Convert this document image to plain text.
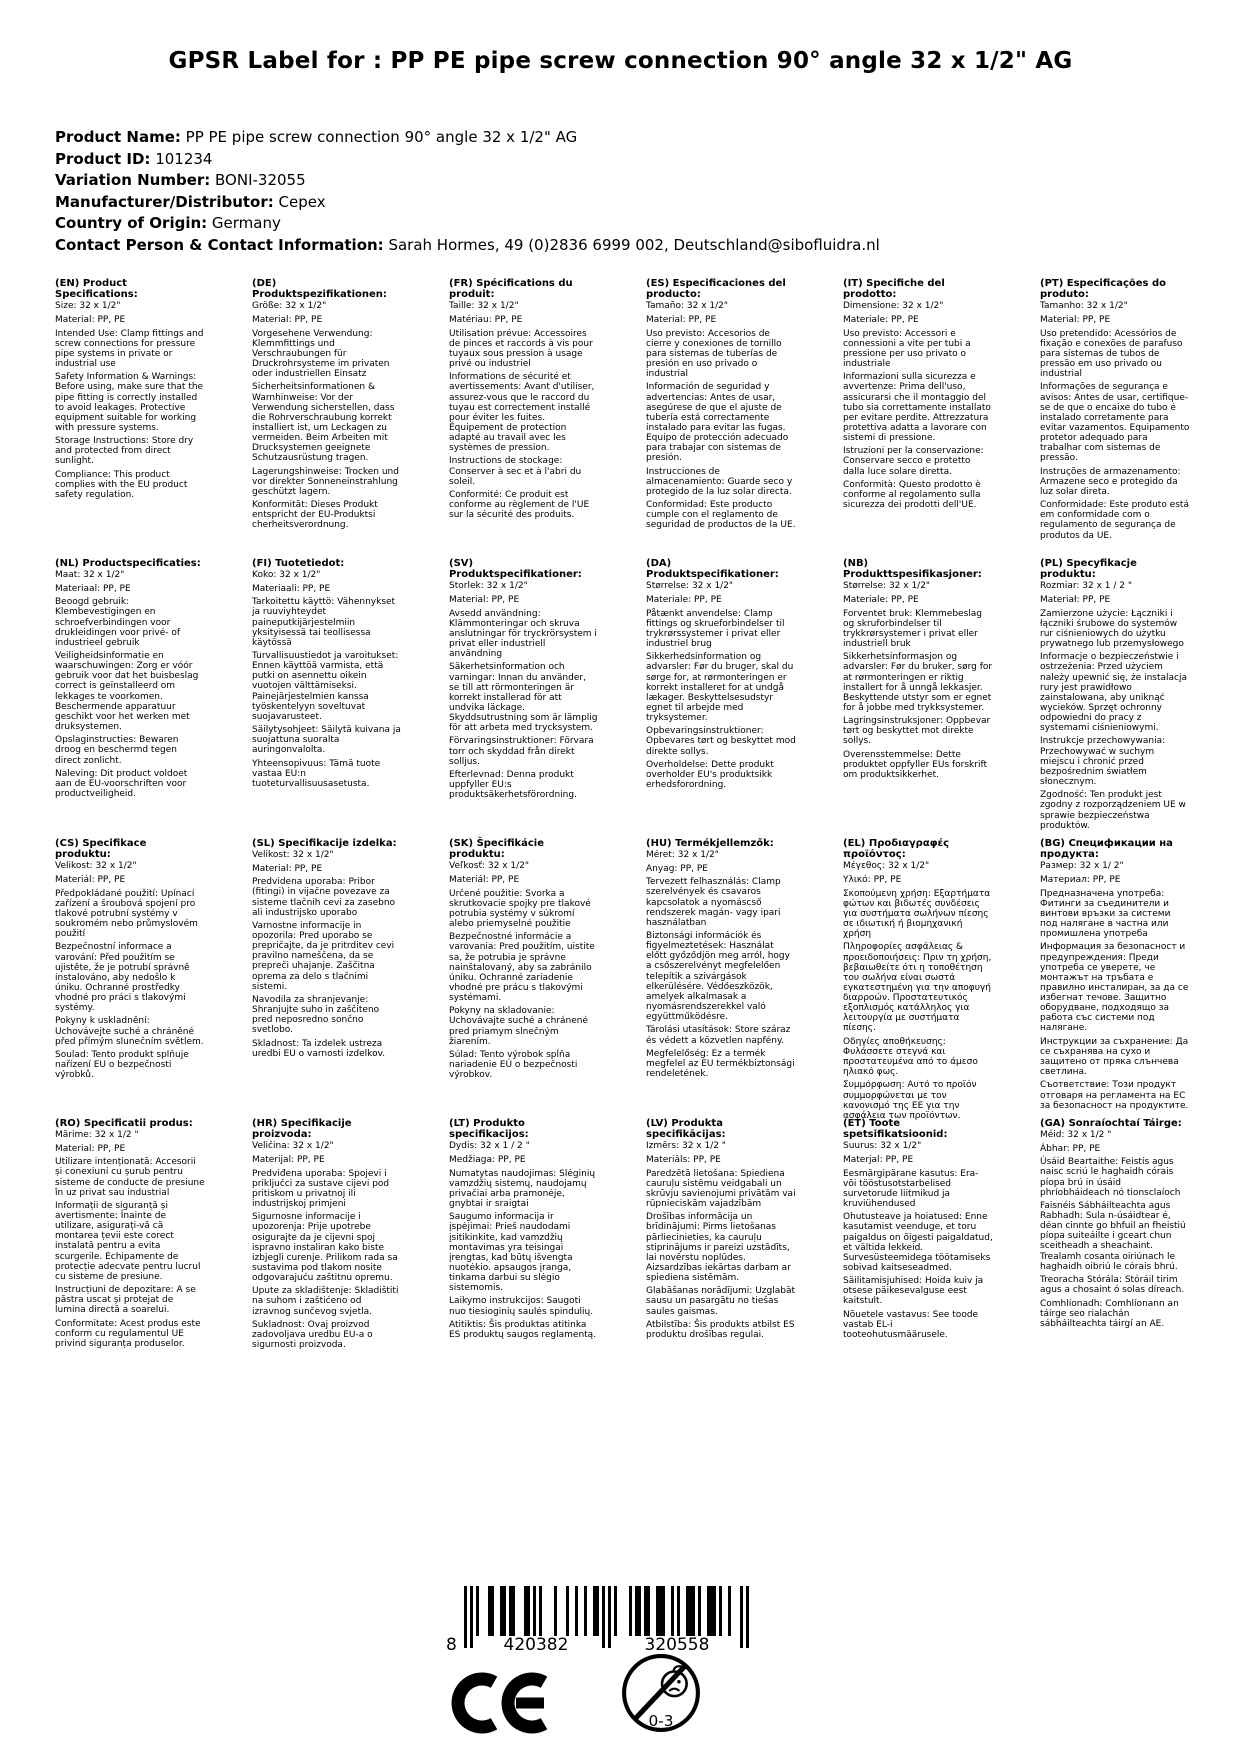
GPSR Label for : PP PE pipe screw connection 90° angle 32 x 1/2" AG
Product Name: PP PE pipe screw connection 90° angle 32 x 1/2" AG
Product ID: 101234
Variation Number: BONI-32055
Manufacturer/Distributor: Cepex
Country of Origin: Germany
Contact Person & Contact Information: Sarah Hormes, 49 (0)2836 6999 002, Deutschland@sibofluidra.nl
(EN) Product Specifications:

Size: 32 x 1/2"

Material: PP, PE

Intended Use: Clamp fittings and screw connections for pressure pipe systems in private or industrial use

Safety Information & Warnings: Before using, make sure that the pipe fitting is correctly installed to avoid leakages. Protective equipment suitable for working with pressure systems.

Storage Instructions: Store dry and protected from direct sunlight.

Compliance: This product complies with the EU product safety regulation.

(DE) Produktspezifikationen:

Größe: 32 x 1/2"

Material: PP, PE

Vorgesehene Verwendung: Klemmfittings und Verschraubungen für Druckrohrsysteme im privaten oder industriellen Einsatz

Sicherheitsinformationen & Warnhinweise: Vor der Verwendung sicherstellen, dass die Rohrverschraubung korrekt installiert ist, um Leckagen zu vermeiden. Beim Arbeiten mit Drucksystemen geeignete Schutzausrüstung tragen.

Lagerungshinweise: Trocken und vor direkter Sonneneinstrahlung geschützt lagern.

Konformität: Dieses Produkt entspricht der EU-Produktsi cherheitsverordnung.

(FR) Spécifications du produit:

Taille: 32 x 1/2"

Matériau: PP, PE

Utilisation prévue: Accessoires de pinces et raccords à vis pour tuyaux sous pression à usage privé ou industriel

Informations de sécurité et avertissements: Avant d'utiliser, assurez-vous que le raccord du tuyau est correctement installé pour éviter les fuites. Équipement de protection adapté au travail avec les systèmes de pression.

Instructions de stockage: Conserver à sec et à l'abri du soleil.

Conformité: Ce produit est conforme au règlement de l'UE sur la sécurité des produits.

(ES) Especificaciones del producto:

Tamaño: 32 x 1/2"

Material: PP, PE

Uso previsto: Accesorios de cierre y conexiones de tornillo para sistemas de tuberías de presión en uso privado o industrial

Información de seguridad y advertencias: Antes de usar, asegúrese de que el ajuste de tubería está correctamente instalado para evitar las fugas. Equipo de protección adecuado para trabajar con sistemas de presión.

Instrucciones de almacenamiento: Guarde seco y protegido de la luz solar directa.

Conformidad: Este producto cumple con el reglamento de seguridad de productos de la UE.

(IT) Specifiche del prodotto:

Dimensione: 32 x 1/2"

Materiale: PP, PE

Uso previsto: Accessori e connessioni a vite per tubi a pressione per uso privato o industriale

Informazioni sulla sicurezza e avvertenze: Prima dell'uso, assicurarsi che il montaggio del tubo sia correttamente installato per evitare perdite. Attrezzatura protettiva adatta a lavorare con sistemi di pressione.

Istruzioni per la conservazione: Conservare secco e protetto dalla luce solare diretta.

Conformità: Questo prodotto è conforme al regolamento sulla sicurezza dei prodotti dell'UE.

(PT) Especificações do produto:

Tamanho: 32 x 1/2"

Material: PP, PE

Uso pretendido: Acessórios de fixação e conexões de parafuso para sistemas de tubos de pressão em uso privado ou industrial

Informações de segurança e avisos: Antes de usar, certifique-se de que o encaixe do tubo é instalado corretamente para evitar vazamentos. Equipamento protetor adequado para trabalhar com sistemas de pressão.

Instruções de armazenamento: Armazene seco e protegido da luz solar direta.

Conformidade: Este produto está em conformidade com o regulamento de segurança de produtos da UE.

(NL) Productspecificaties:

Maat: 32 x 1/2"

Materiaal: PP, PE

Beoogd gebruik: Klembevestigingen en schroefverbindingen voor drukleidingen voor privé- of industrieel gebruik

Veiligheidsinformatie en waarschuwingen: Zorg er vóór gebruik voor dat het buisbeslag correct is geïnstalleerd om lekkages te voorkomen. Beschermende apparatuur geschikt voor het werken met druksystemen.

Opslaginstructies: Bewaren droog en beschermd tegen direct zonlicht.

Naleving: Dit product voldoet aan de EU-voorschriften voor productveiligheid.

(FI) Tuotetiedot:

Koko: 32 x 1/2"

Materiaali: PP, PE

Tarkoitettu käyttö: Vähennykset ja ruuviyhteydet paineputkijärjestelmiin yksityisessä tai teollisessa käytössä

Turvallisuustiedot ja varoitukset: Ennen käyttöä varmista, että putki on asennettu oikein vuotojen välttämiseksi. Painejärjestelmien kanssa työskentelyyn soveltuvat suojavarusteet.

Säilytysohjeet: Säilytä kuivana ja suojattuna suoralta auringonvalolta.

Yhteensopivuus: Tämä tuote vastaa EU:n tuoteturvallisuusasetusta.

(SV) Produktspecifikationer:

Storlek: 32 x 1/2"

Material: PP, PE

Avsedd användning: Klämmonteringar och skruva anslutningar för tryckrörsystem i privat eller industriell användning

Säkerhetsinformation och varningar: Innan du använder, se till att rörmonteringen är korrekt installerad för att undvika läckage. Skyddsutrustning som är lämplig för att arbeta med trycksystem.

Förvaringsinstruktioner: Förvara torr och skyddad från direkt solljus.

Efterlevnad: Denna produkt uppfyller EU:s produktsäkerhetsförordning.

(DA) Produktspecifikationer:

Størrelse: 32 x 1/2"

Materiale: PP, PE

Påtænkt anvendelse: Clamp fittings og skrueforbindelser til trykrørssystemer i privat eller industriel brug

Sikkerhedsinformation og advarsler: Før du bruger, skal du sørge for, at rørmonteringen er korrekt installeret for at undgå lækager. Beskyttelsesudstyr egnet til arbejde med tryksystemer.

Opbevaringsinstruktioner: Opbevares tørt og beskyttet mod direkte sollys.

Overholdelse: Dette produkt overholder EU's produktsikk erhedsforordning.

(NB) Produkttspesifikasjoner:

Størrelse: 32 x 1/2"

Materiale: PP, PE

Forventet bruk: Klemmebeslag og skruforbindelser til trykkrørsystemer i privat eller industriell bruk

Sikkerhetsinformasjon og advarsler: Før du bruker, sørg for at rørmonteringen er riktig installert for å unngå lekkasjer. Beskyttende utstyr som er egnet for å jobbe med trykksystemer.

Lagringsinstruksjoner: Oppbevar tørt og beskyttet mot direkte sollys.

Overensstemmelse: Dette produktet oppfyller EUs forskrift om produktsikkerhet.

(PL) Specyfikacje produktu:

Rozmiar: 32 x 1 / 2 "

Materiał: PP, PE

Zamierzone użycie: Łączniki i łączniki śrubowe do systemów rur ciśnieniowych do użytku prywatnego lub przemysłowego

Informacje o bezpieczeństwie i ostrzeżenia: Przed użyciem należy upewnić się, że instalacja rury jest prawidłowo zainstalowana, aby uniknąć wycieków. Sprzęt ochronny odpowiedni do pracy z systemami ciśnieniowymi.

Instrukcje przechowywania: Przechowywać w suchym miejscu i chronić przed bezpośrednim światłem słonecznym.

Zgodność: Ten produkt jest zgodny z rozporządzeniem UE w sprawie bezpieczeństwa produktów.

(CS) Specifikace produktu:

Velikost: 32 x 1/2"

Materiál: PP, PE

Předpokládané použití: Upínací zařízení a šroubová spojení pro tlakové potrubní systémy v soukromém nebo průmyslovém použití

Bezpečnostní informace a varování: Před použitím se ujistěte, že je potrubí správně instalováno, aby nedošlo k úniku. Ochranné prostředky vhodné pro práci s tlakovými systémy.

Pokyny k uskladnění: Uchovávejte suché a chráněné před přímým slunečním světlem.

Soulad: Tento produkt splňuje nařízení EU o bezpečnosti výrobků.

(SL) Specifikacije izdelka:

Velikost: 32 x 1/2"

Material: PP, PE

Predvidena uporaba: Pribor (fitingi) in vijačne povezave za sisteme tlačnih cevi za zasebno ali industrijsko uporabo

Varnostne informacije in opozorila: Pred uporabo se prepričajte, da je pritrditev cevi pravilno nameščena, da se prepreči uhajanje. Zaščitna oprema za delo s tlačnimi sistemi.

Navodila za shranjevanje: Shranjujte suho in zaščiteno pred neposredno sončno svetlobo.

Skladnost: Ta izdelek ustreza uredbi EU o varnosti izdelkov.

(SK) Špecifikácie produktu:

Veľkosť: 32 x 1/2"

Materiál: PP, PE

Určené použitie: Svorka a skrutkovacie spojky pre tlakové potrubia systémy v súkromí alebo priemyselné použitie

Bezpečnostné informácie a varovania: Pred použitím, uistite sa, že potrubia je správne nainštalovaný, aby sa zabránilo úniku. Ochranné zariadenie vhodné pre prácu s tlakovými systémami.

Pokyny na skladovanie: Uchovávajte suché a chránené pred priamym slnečným žiarením.

Súlad: Tento výrobok spĺňa nariadenie EÚ o bezpečnosti výrobkov.

(HU) Termékjellemzők:

Méret: 32 x 1/2"

Anyag: PP, PE

Tervezett felhasználás: Clamp szerelvények és csavaros kapcsolatok a nyomáscső rendszerek magán- vagy ipari használatban

Biztonsági információk és figyelmeztetések: Használat előtt győződjön meg arról, hogy a csőszerelvényt megfelelően telepítik a szivárgások elkerülésére. Védőeszközök, amelyek alkalmasak a nyomásrendszerekkel való együttműködésre.

Tárolási utasítások: Store száraz és védett a közvetlen napfény.

Megfelelőség: Ez a termék megfelel az EU termékbiztonsági rendeletének.

(EL) Προδιαγραφές προϊόντος:

Μέγεθος: 32 x 1/2"

Υλικό: PP, PE

Σκοπούμενη χρήση: Εξαρτήματα φώτων και βιδωτές συνδέσεις για συστήματα σωλήνων πίεσης σε ιδιωτική ή βιομηχανική χρήση

Πληροφορίες ασφάλειας & προειδοποιήσεις: Πριν τη χρήση, βεβαιωθείτε ότι η τοποθέτηση του σωλήνα είναι σωστά εγκατεστημένη για την αποφυγή διαρροών. Προστατευτικός εξοπλισμός κατάλληλος για λειτουργία με συστήματα πίεσης.

Οδηγίες αποθήκευσης: Φυλάσσετε στεγνά και προστατευμένα από το άμεσο ηλιακό φως.

Συμμόρφωση: Αυτό το προϊόν συμμορφώνεται με τον κανονισμό της ΕΕ για την ασφάλεια των προϊόντων.

(BG) Спецификации на продукта:

Размер: 32 x 1/ 2"

Материал: PP, PE

Предназначена употреба: Фитинги за съединители и винтови връзки за системи под налягане в частна или промишлена употреба

Информация за безопасност и предупреждения: Преди употреба се уверете, че монтажът на тръбата е правилно инсталиран, за да се избегнат течове. Защитно оборудване, подходящо за работа със системи под налягане.

Инструкции за съхранение: Да се съхранява на сухо и защитено от пряка слънчева светлина.

Съответствие: Този продукт отговаря на регламента на ЕС за безопасност на продуктите.

(RO) Specificatii produs:

Mărime: 32 x 1/2 "

Material: PP, PE

Utilizare intenționată: Accesorii și conexiuni cu șurub pentru sisteme de conducte de presiune în uz privat sau industrial

Informații de siguranță și avertismente: Înainte de utilizare, asigurați-vă că montarea țevii este corect instalată pentru a evita scurgerile. Echipamente de protecție adecvate pentru lucrul cu sisteme de presiune.

Instrucțiuni de depozitare: A se păstra uscat și protejat de lumina directă a soarelui.

Conformitate: Acest produs este conform cu regulamentul UE privind siguranța produselor.

(HR) Specifikacije proizvoda:

Veličina: 32 x 1/2"

Materijal: PP, PE

Predviđena uporaba: Spojevi i priključci za sustave cijevi pod pritiskom u privatnoj ili industrijskoj primjeni

Sigurnosne informacije i upozorenja: Prije upotrebe osigurajte da je cijevni spoj ispravno instaliran kako biste izbjegli curenje. Prilikom rada sa sustavima pod tlakom nosite odgovarajuću zaštitnu opremu.

Upute za skladištenje: Skladištiti na suhom i zaštićeno od izravnog sunčevog svjetla.

Sukladnost: Ovaj proizvod zadovoljava uredbu EU-a o sigurnosti proizvoda.

(LT) Produkto specifikacijos:

Dydis: 32 x 1 / 2 "

Medžiaga: PP, PE

Numatytas naudojimas: Slėginių vamzdžių sistemų, naudojamų privačiai arba pramonėje, gnybtai ir sraigtai

Saugumo informacija ir įspėjimai: Prieš naudodami įsitikinkite, kad vamzdžių montavimas yra teisingai įrengtas, kad būtų išvengta nuotėkio. apsaugos įranga, tinkama darbui su slėgio sistemomis.

Laikymo instrukcijos: Saugoti nuo tiesioginių saulės spindulių.

Atitiktis: Šis produktas atitinka ES produktų saugos reglamentą.

(LV) Produkta specifikācijas:

Izmērs: 32 x 1/2 "

Materiāls: PP, PE

Paredzētā lietošana: Spiediena cauruļu sistēmu veidgabali un skrūvju savienojumi privātām vai rūpnieciskām vajadzībām

Drošības informācija un brīdinājumi: Pirms lietošanas pārliecinieties, ka cauruļu stiprinājums ir pareizi uzstādīts, lai novērstu noplūdes. Aizsardzības iekārtas darbam ar spiediena sistēmām.

Glabāšanas norādījumi: Uzglabāt sausu un pasargātu no tiešas saules gaismas.

Atbilstība: Šis produkts atbilst ES produktu drošības regulai.

(ET) Toote spetsifikatsioonid:

Suurus: 32 x 1/2"

Materjal: PP, PE

Eesmärgipärane kasutus: Era- või tööstusotstarbelised survetorude liitmikud ja kruviühendused

Ohutusteave ja hoiatused: Enne kasutamist veenduge, et toru paigaldus on õigesti paigaldatud, et vältida lekkeid. Survesüsteemidega töötamiseks sobivad kaitseseadmed.

Säilitamisjuhised: Hoida kuiv ja otsese päikesevalguse eest kaitstult.

Nõuetele vastavus: See toode vastab EL-i tooteohutusmäärusele.

(GA) Sonraíochtaí Táirge:

Méid: 32 x 1/2 "

Ábhar: PP, PE

Úsáid Beartaithe: Feistis agus naisc scriú le haghaidh córais píopa brú in úsáid phríobháideach nó tionsclaíoch

Faisnéis Sábháilteachta agus Rabhadh: Sula n-úsáidtear é, déan cinnte go bhfuil an fheistiú píopa suiteáilte i gceart chun sceitheadh a sheachaint. Trealamh cosanta oiriúnach le haghaidh oibriú le córais bhrú.

Treoracha Stórála: Stóráil tirim agus a chosaint ó solas díreach.

Comhlíonadh: Comhlíonann an táirge seo rialachán sábháilteachta táirgí an AE.

8	420382	320558
0-3
